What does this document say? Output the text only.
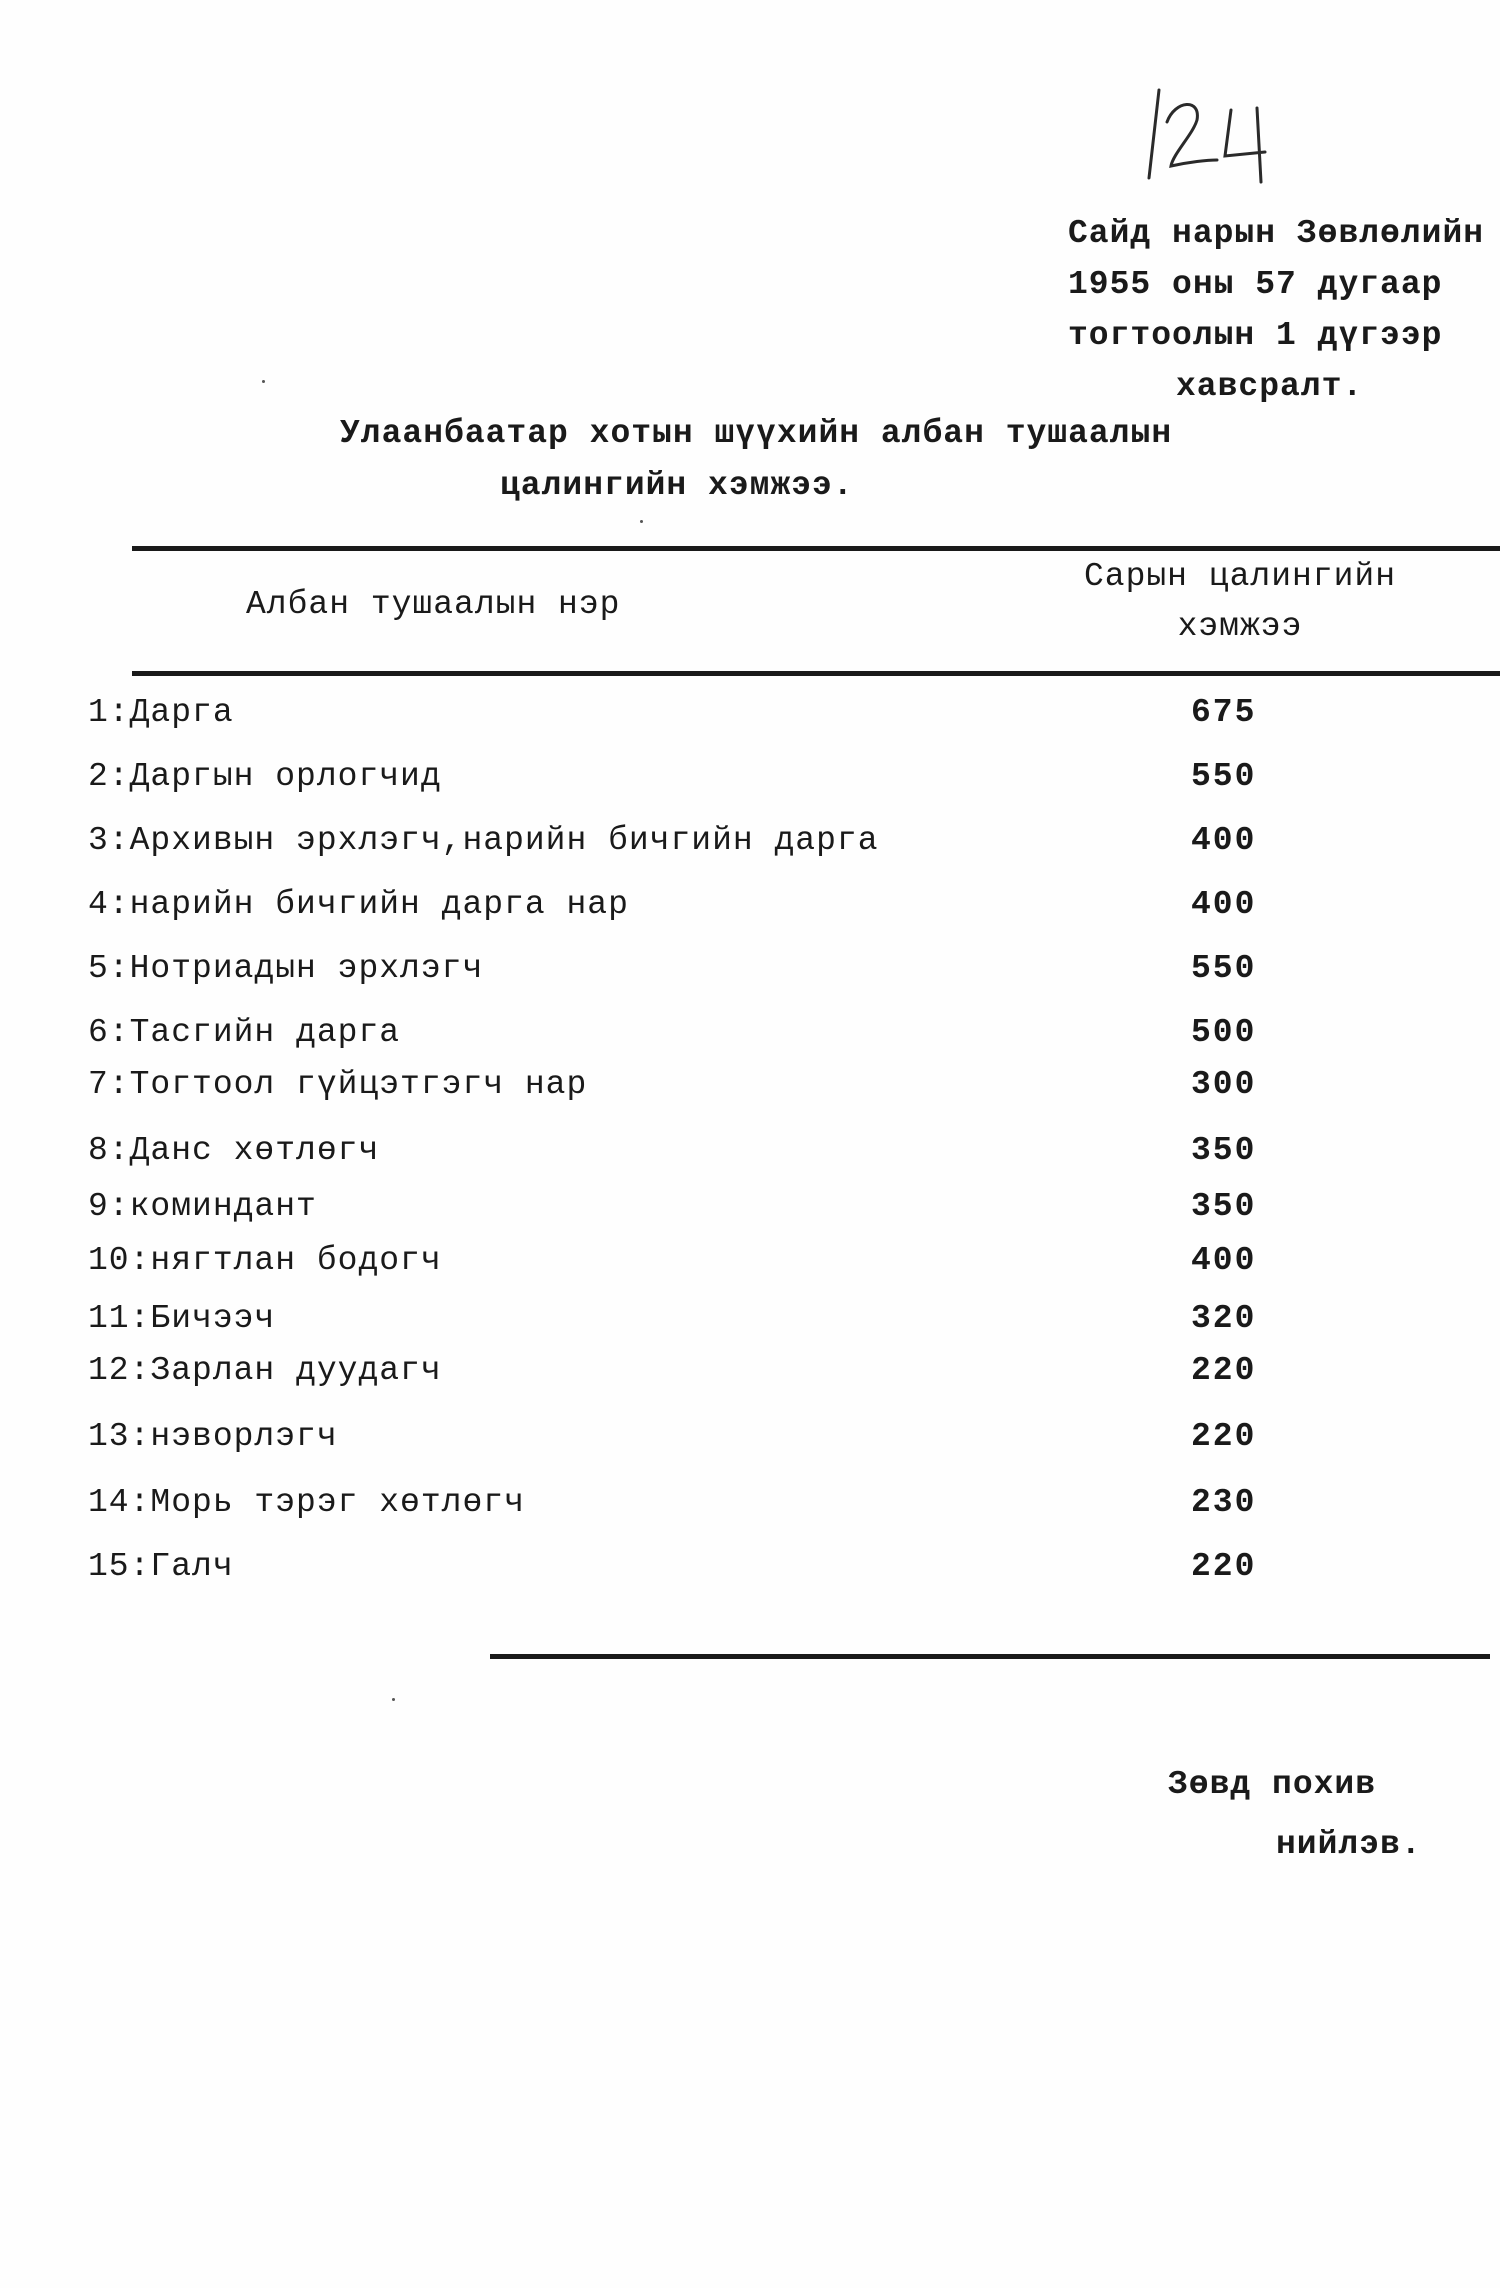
Сайд нарын Зөвлөлийн
1955 оны 57 дугаар
тогтоолын 1 дүгээр
хавсралт.
Улаанбаатар хотын шүүхийн албан тушаалын
цалингийн хэмжээ.
Албан тушаалын нэр
Сарын цалингийн
хэмжээ
1:Дарга	675
2:Даргын орлогчид	550
3:Архивын эрхлэгч,нарийн бичгийн дарга	400
4:нарийн бичгийн дарга нар	400
5:Нотриадын эрхлэгч	550
6:Тасгийн дарга	500
7:Тогтоол гүйцэтгэгч нар	300
8:Данс хөтлөгч	350
9:коминдант	350
10:нягтлан бодогч	400
11:Бичээч	320
12:Зарлан дуудагч	220
13:нэворлэгч	220
14:Морь тэрэг хөтлөгч	230
15:Галч	220
Зөвд похив
нийлэв.
